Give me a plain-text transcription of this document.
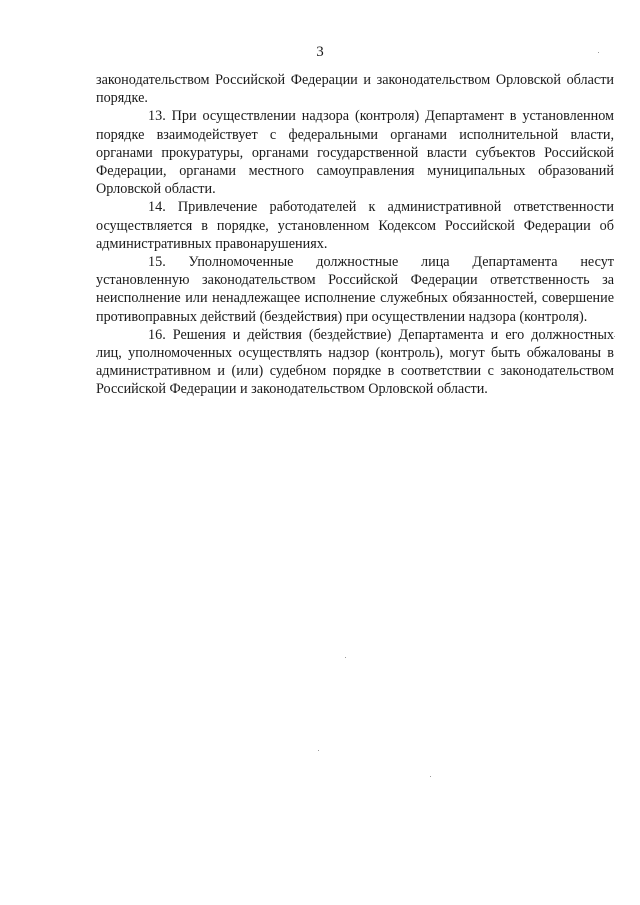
3

законодательством Российской Федерации и законодательством Орловской области порядке.

13. При осуществлении надзора (контроля) Департамент в установленном порядке взаимодействует с федеральными органами исполнительной власти, органами прокуратуры, органами государственной власти субъектов Российской Федерации, органами местного самоуправления муниципальных образований Орловской области.

14. Привлечение работодателей к административной ответственности осуществляется в порядке, установленном Кодексом Российской Федерации об административных правонарушениях.

15. Уполномоченные должностные лица Департамента несут установленную законодательством Российской Федерации ответственность за неисполнение или ненадлежащее исполнение служебных обязанностей, совершение противоправных действий (бездействия) при осуществлении надзора (контроля).

16. Решения и действия (бездействие) Департамента и его должностных лиц, уполномоченных осуществлять надзор (контроль), могут быть обжалованы в административном и (или) судебном порядке в соответствии с законодательством Российской Федерации и законодательством Орловской области.
